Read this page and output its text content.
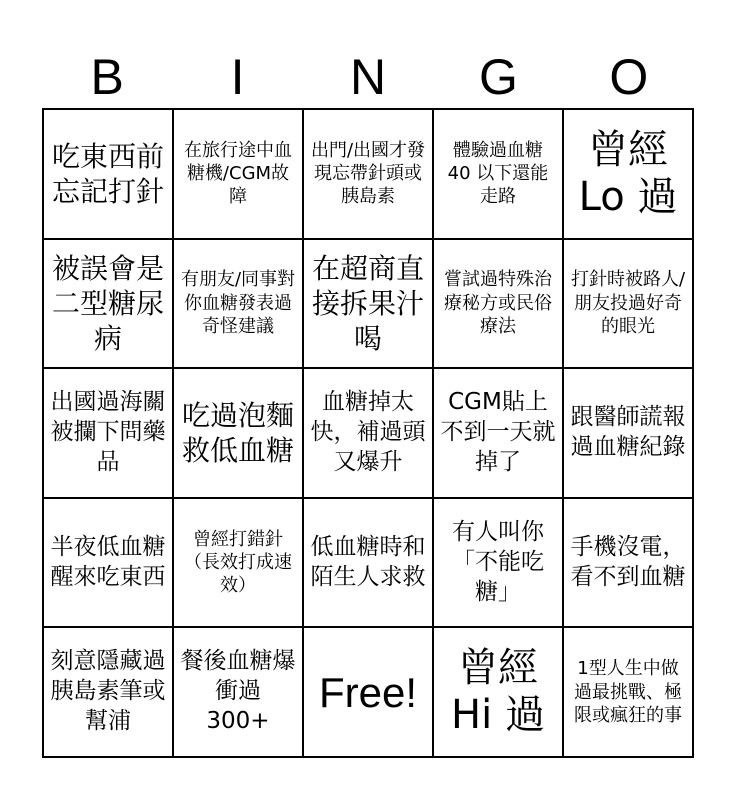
B	I	N	G	O
吃東西前忘記打針
在旅行途中血糖機/CGM故障
出門/出國才發現忘帶針頭或胰島素
體驗過血糖 40 以下還能走路
曾經 Lo 過
被誤會是二型糖尿病
有朋友/同事對你血糖發表過奇怪建議
在超商直接拆果汁喝
嘗試過特殊治療秘方或民俗療法
打針時被路人/朋友投過好奇的眼光
出國過海關被攔下問藥品
吃過泡麵救低血糖
血糖掉太快，補過頭又爆升
CGM貼上不到一天就掉了
跟醫師謊報過血糖紀錄
半夜低血糖醒來吃東西
曾經打錯針（長效打成速效）
低血糖時和陌生人求救
有人叫你「不能吃糖」
手機沒電，看不到血糖
刻意隱藏過胰島素筆或幫浦
餐後血糖爆衝過 300+
Free!
曾經 Hi 過
1型人生中做過最挑戰、極限或瘋狂的事
